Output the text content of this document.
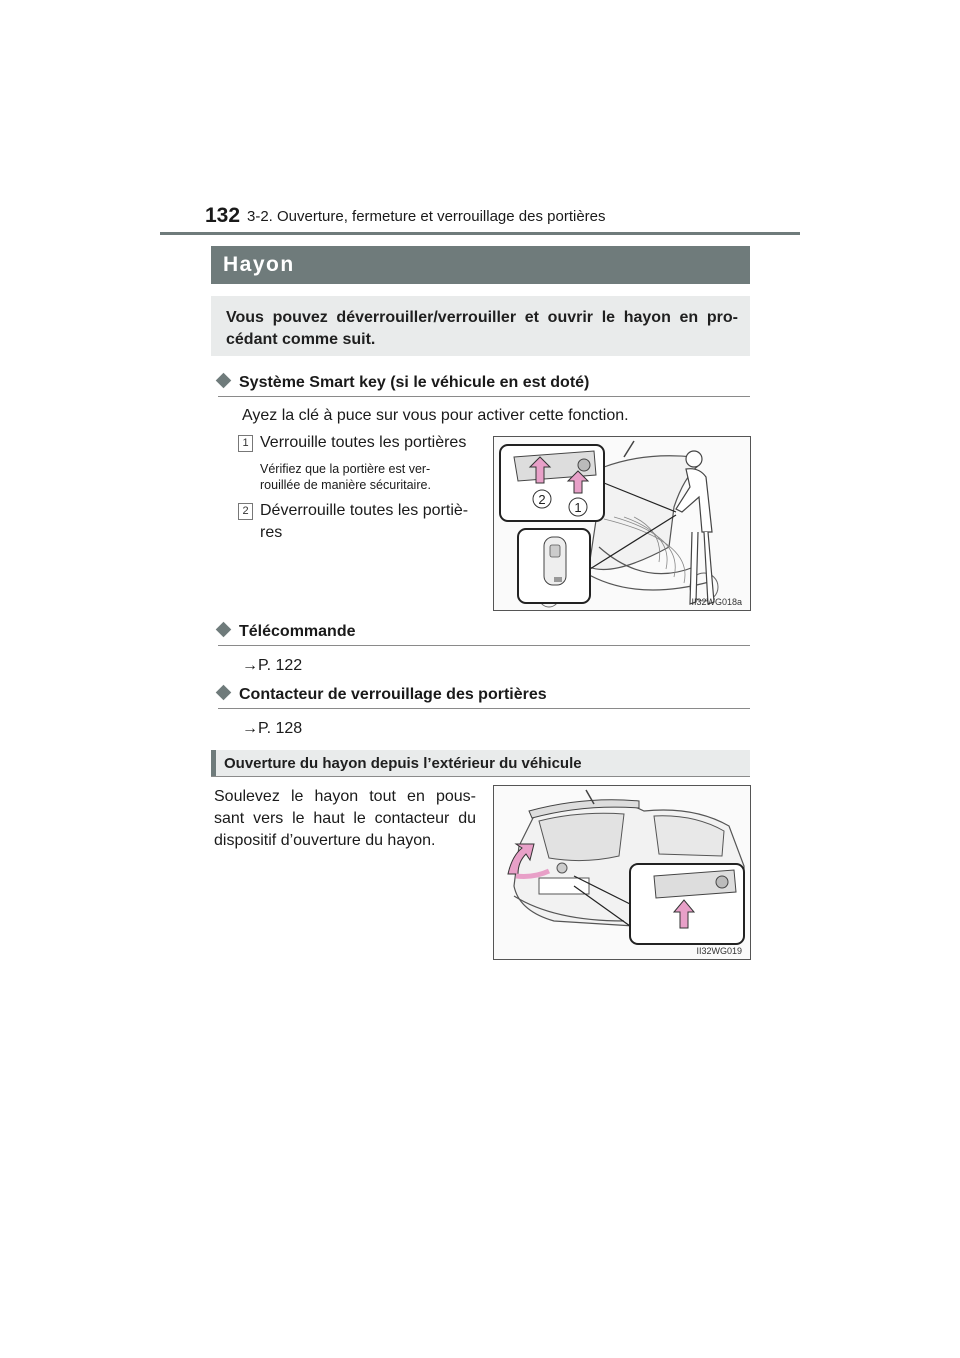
132 3-2. Ouverture, fermeture et verrouillage des portières
Hayon
Vous pouvez déverrouiller/verrouiller et ouvrir le hayon en pro-
cédant comme suit.
Système Smart key (si le véhicule en est doté)
Ayez la clé à puce sur vous pour activer cette fonction.
1 Verrouille toutes les portières
Vérifiez que la portière est ver-
rouillée de manière sécuritaire.
2 Déverrouille toutes les portiè-
res
2
1
II32WG018a
Télécommande
→P. 122
Contacteur de verrouillage des portières
→P. 128
Ouverture du hayon depuis l’extérieur du véhicule
Soulevez le hayon tout en pous-
sant vers le haut le contacteur du
dispositif d’ouverture du hayon.
II32WG019
